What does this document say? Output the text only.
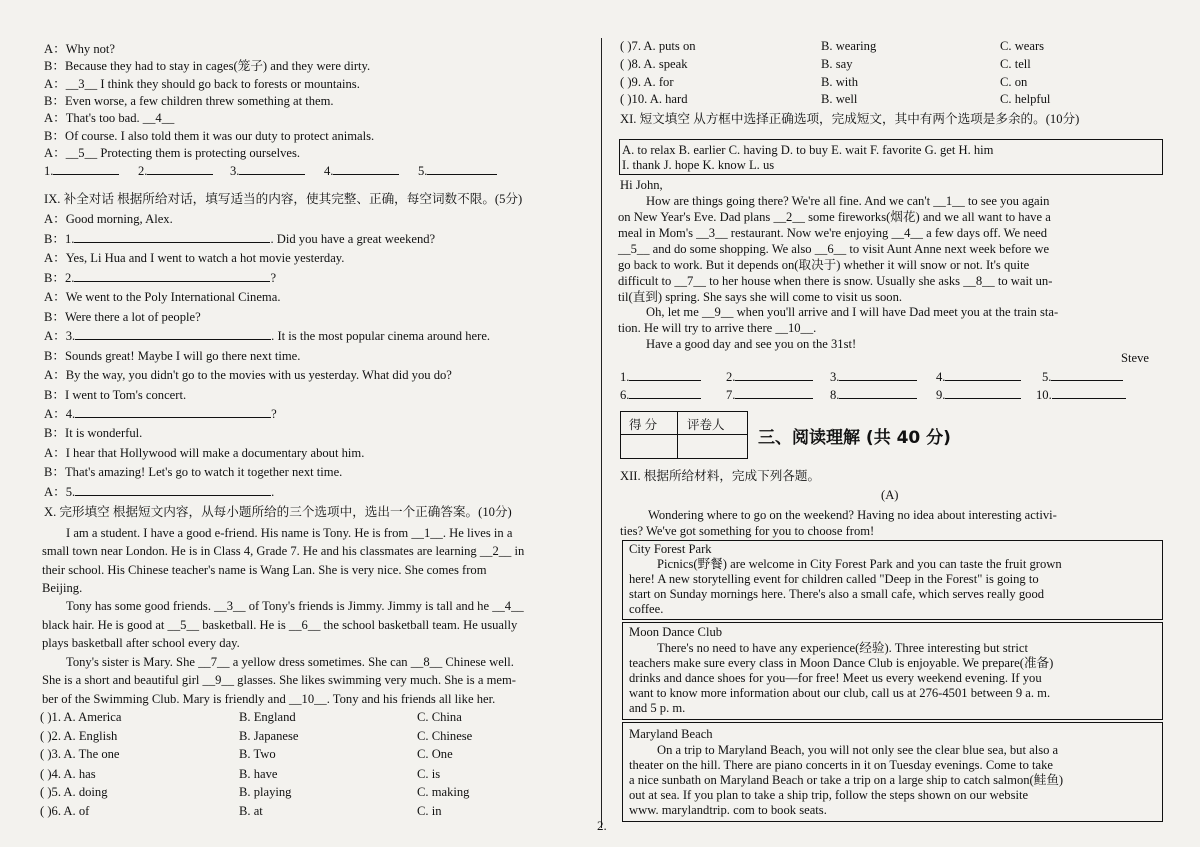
A：Why not?
B：Because they had to stay in cages(笼子) and they were dirty.
A：__3__ I think they should go back to forests or mountains.
B：Even worse, a few children threw something at them.
A：That's too bad. __4__
B：Of course. I also told them it was our duty to protect animals.
A：__5__ Protecting them is protecting ourselves.
1.	2.	3.	4.	5.
IX. 补全对话 根据所给对话，填写适当的内容，使其完整、正确，每空词数不限。(5分)
A：Good morning, Alex.
B：1.	. Did you have a great weekend?
A：Yes, Li Hua and I went to watch a hot movie yesterday.
B：2.	?
A：We went to the Poly International Cinema.
B：Were there a lot of people?
A：3.	. It is the most popular cinema around here.
B：Sounds great! Maybe I will go there next time.
A：By the way, you didn't go to the movies with us yesterday. What did you do?
B：I went to Tom's concert.
A：4.	?
B：It is wonderful.
A：I hear that Hollywood will make a documentary about him.
B：That's amazing! Let's go to watch it together next time.
A：5.	.
X. 完形填空 根据短文内容，从每小题所给的三个选项中，选出一个正确答案。(10分)
I am a student. I have a good e-friend. His name is Tony. He is from __1__. He lives in a
small town near London. He is in Class 4, Grade 7. He and his classmates are learning __2__ in
their school. His Chinese teacher's name is Wang Lan. She is very nice. She comes from
Beijing.
Tony has some good friends. __3__ of Tony's friends is Jimmy. Jimmy is tall and he __4__
black hair. He is good at __5__ basketball. He is __6__ the school basketball team. He usually
plays basketball after school every day.
Tony's sister is Mary. She __7__ a yellow dress sometimes. She can __8__ Chinese well.
She is a short and beautiful girl __9__ glasses. She likes swimming very much. She is a mem-
ber of the Swimming Club. Mary is friendly and __10__. Tony and his friends all like her.
( )1. A. America	B. England	C. China
( )2. A. English	B. Japanese	C. Chinese
( )3. A. The one	B. Two	C. One
( )4. A. has	B. have	C. is
( )5. A. doing	B. playing	C. making
( )6. A. of	B. at	C. in
2.
( )7. A. puts on	B. wearing	C. wears
( )8. A. speak	B. say	C. tell
( )9. A. for	B. with	C. on
( )10. A. hard	B. well	C. helpful
XI. 短文填空 从方框中选择正确选项，完成短文，其中有两个选项是多余的。(10分)
A. to relax B. earlier C. having D. to buy E. wait F. favorite G. get H. him
I. thank J. hope K. know L. us
Hi John,
How are things going there? We're all fine. And we can't __1__ to see you again
on New Year's Eve. Dad plans __2__ some fireworks(烟花) and we all want to have a
meal in Mom's __3__ restaurant. Now we're enjoying __4__ a few days off. We need
__5__ and do some shopping. We also __6__ to visit Aunt Anne next week before we
go back to work. But it depends on(取决于) whether it will snow or not. It's quite
difficult to __7__ to her house when there is snow. Usually she asks __8__ to wait un-
til(直到) spring. She says she will come to visit us soon.
Oh, let me __9__ when you'll arrive and I will have Dad meet you at the train sta-
tion. He will try to arrive there __10__.
Have a good day and see you on the 31st!
Steve
1.	2.	3.	4.	5.
6.	7.	8.	9.	10.
得 分 评卷人
三、阅读理解 (共 40 分)
XII. 根据所给材料，完成下列各题。
(A)
Wondering where to go on the weekend? Having no idea about interesting activi-
ties? We've got something for you to choose from!
City Forest Park
Picnics(野餐) are welcome in City Forest Park and you can taste the fruit grown
here! A new storytelling event for children called "Deep in the Forest" is going to
start on Sunday mornings here. There's also a small cafe, which serves really good
coffee.
Moon Dance Club
There's no need to have any experience(经验). Three interesting but strict
teachers make sure every class in Moon Dance Club is enjoyable. We prepare(准备)
drinks and dance shoes for you—for free! Meet us every weekend evening. If you
want to know more information about our club, call us at 276-4501 between 9 a. m.
and 5 p. m.
Maryland Beach
On a trip to Maryland Beach, you will not only see the clear blue sea, but also a
theater on the hill. There are piano concerts in it on Tuesday evenings. Come to take
a nice sunbath on Maryland Beach or take a trip on a large ship to catch salmon(鲑鱼)
out at sea. If you plan to take a ship trip, follow the steps shown on our website
www. marylandtrip. com to book seats.
